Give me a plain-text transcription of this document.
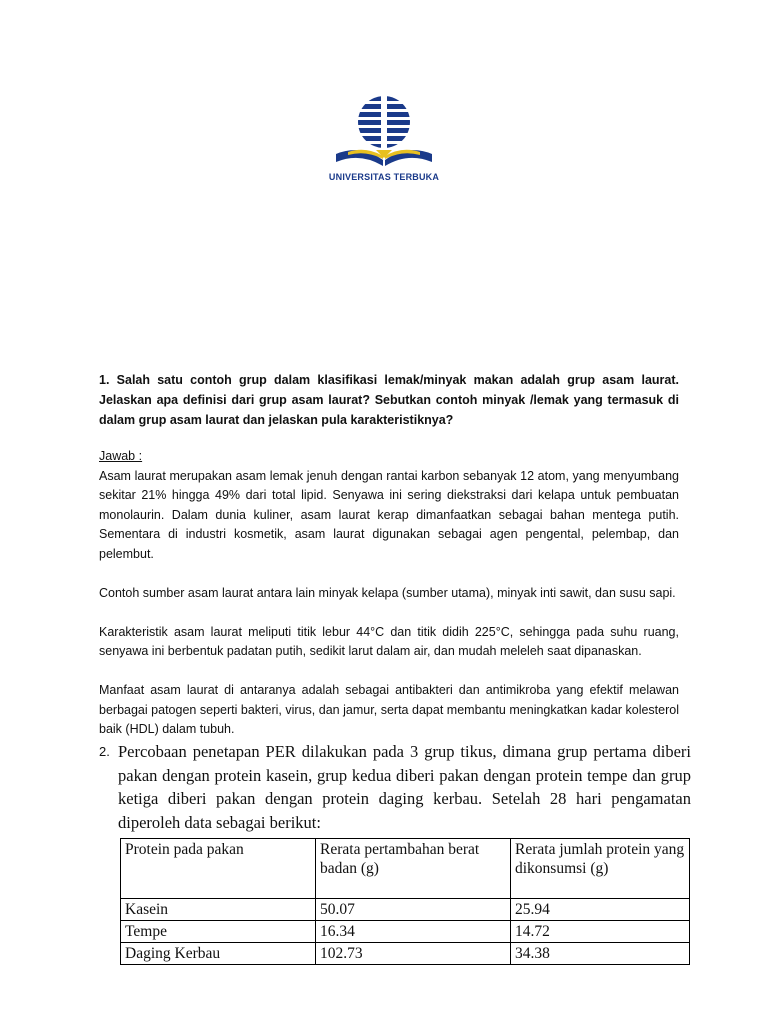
UNIVERSITAS TERBUKA
1. Salah satu contoh grup dalam klasifikasi lemak/minyak makan adalah grup asam laurat. Jelaskan apa definisi dari grup asam laurat? Sebutkan contoh minyak /lemak yang termasuk di dalam grup asam laurat dan jelaskan pula karakteristiknya?

Jawab :

Asam laurat merupakan asam lemak jenuh dengan rantai karbon sebanyak 12 atom, yang menyumbang sekitar 21% hingga 49% dari total lipid. Senyawa ini sering diekstraksi dari kelapa untuk pembuatan monolaurin. Dalam dunia kuliner, asam laurat kerap dimanfaatkan sebagai bahan mentega putih. Sementara di industri kosmetik, asam laurat digunakan sebagai agen pengental, pelembap, dan pelembut.

Contoh sumber asam laurat antara lain minyak kelapa (sumber utama), minyak inti sawit, dan susu sapi.

Karakteristik asam laurat meliputi titik lebur 44°C dan titik didih 225°C, sehingga pada suhu ruang, senyawa ini berbentuk padatan putih, sedikit larut dalam air, dan mudah meleleh saat dipanaskan.

Manfaat asam laurat di antaranya adalah sebagai antibakteri dan antimikroba yang efektif melawan berbagai patogen seperti bakteri, virus, dan jamur, serta dapat membantu meningkatkan kadar kolesterol baik (HDL) dalam tubuh.

2. Percobaan penetapan PER dilakukan pada 3 grup tikus, dimana grup pertama diberi pakan dengan protein kasein, grup kedua diberi pakan dengan protein tempe dan grup ketiga diberi pakan dengan protein daging kerbau. Setelah 28 hari pengamatan diperoleh data sebagai berikut:
Protein pada pakan	Rerata pertambahan berat badan (g)	Rerata jumlah protein yang dikonsumsi (g)
Kasein	50.07	25.94
Tempe	16.34	14.72
Daging Kerbau	102.73	34.38
